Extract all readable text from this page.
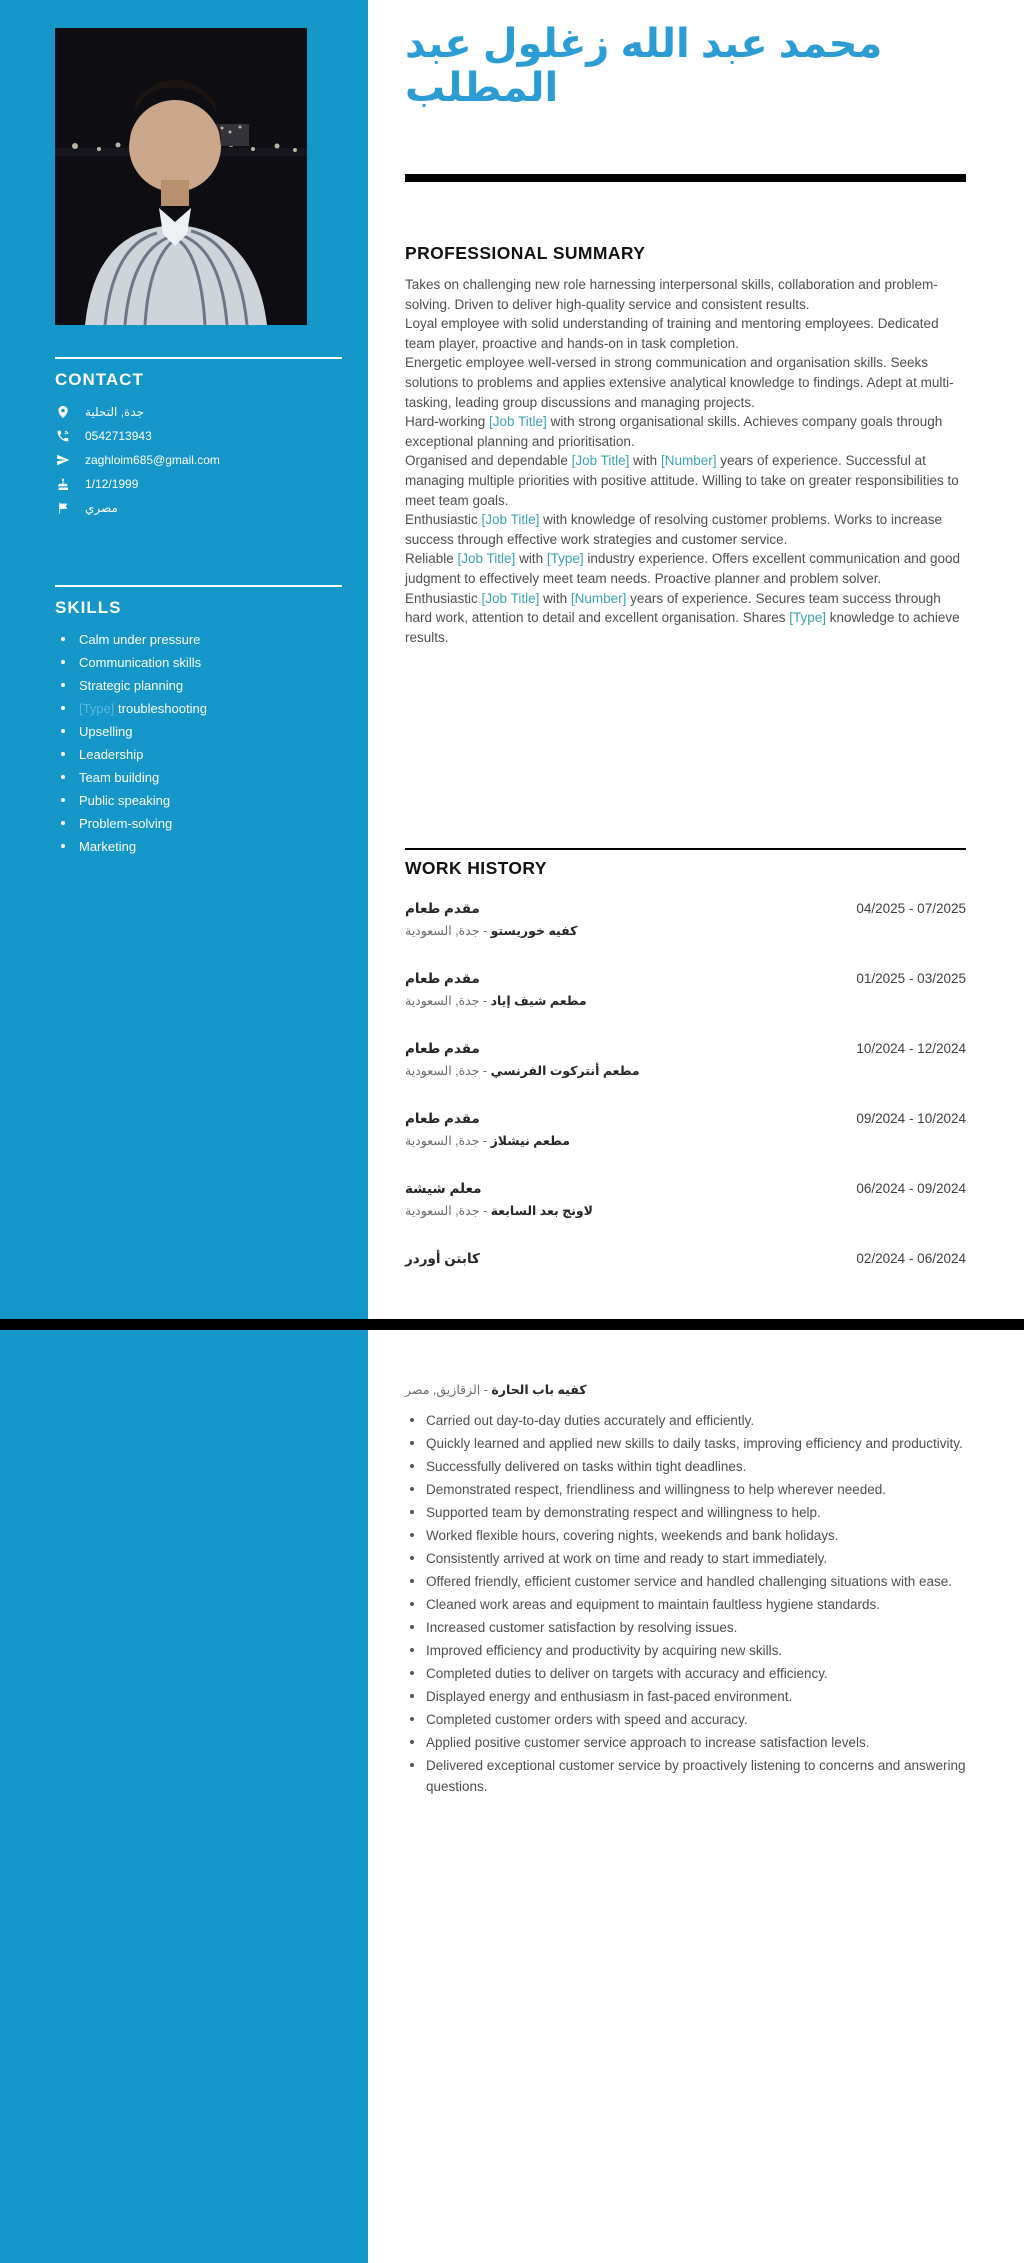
CONTACT
جدة, التحلية
0542713943
zaghloim685@gmail.com
1/12/1999
مصري
SKILLS
Calm under pressure
Communication skills
Strategic planning
[Type] troubleshooting
Upselling
Leadership
Team building
Public speaking
Problem-solving
Marketing
محمد عبد الله زغلول عبد المطلب
PROFESSIONAL SUMMARY

Takes on challenging new role harnessing interpersonal skills, collaboration and problem-solving. Driven to deliver high-quality service and consistent results.

Loyal employee with solid understanding of training and mentoring employees. Dedicated team player, proactive and hands-on in task completion.

Energetic employee well-versed in strong communication and organisation skills. Seeks solutions to problems and applies extensive analytical knowledge to findings. Adept at multi-tasking, leading group discussions and managing projects.

Hard-working [Job Title] with strong organisational skills. Achieves company goals through exceptional planning and prioritisation.

Organised and dependable [Job Title] with [Number] years of experience. Successful at managing multiple priorities with positive attitude. Willing to take on greater responsibilities to meet team goals.

Enthusiastic [Job Title] with knowledge of resolving customer problems. Works to increase success through effective work strategies and customer service.

Reliable [Job Title] with [Type] industry experience. Offers excellent communication and good judgment to effectively meet team needs. Proactive planner and problem solver.

Enthusiastic [Job Title] with [Number] years of experience. Secures team success through hard work, attention to detail and excellent organisation. Shares [Type] knowledge to achieve results.

WORK HISTORY
مقدم طعام	04/2025 - 07/2025
كفيه خوريستو - جدة, السعودية
مقدم طعام	01/2025 - 03/2025
مطعم شيف إياد - جدة, السعودية
مقدم طعام	10/2024 - 12/2024
مطعم أنتركوت الفرنسي - جدة, السعودية
مقدم طعام	09/2024 - 10/2024
مطعم نيشلاز - جدة, السعودية
معلم شيشة	06/2024 - 09/2024
لاونج بعد السابعة - جدة, السعودية
كابتن أوردر	02/2024 - 06/2024
كفيه باب الحارة - الزقازيق, مصر
Carried out day-to-day duties accurately and efficiently.
Quickly learned and applied new skills to daily tasks, improving efficiency and productivity.
Successfully delivered on tasks within tight deadlines.
Demonstrated respect, friendliness and willingness to help wherever needed.
Supported team by demonstrating respect and willingness to help.
Worked flexible hours, covering nights, weekends and bank holidays.
Consistently arrived at work on time and ready to start immediately.
Offered friendly, efficient customer service and handled challenging situations with ease.
Cleaned work areas and equipment to maintain faultless hygiene standards.
Increased customer satisfaction by resolving issues.
Improved efficiency and productivity by acquiring new skills.
Completed duties to deliver on targets with accuracy and efficiency.
Displayed energy and enthusiasm in fast-paced environment.
Completed customer orders with speed and accuracy.
Applied positive customer service approach to increase satisfaction levels.
Delivered exceptional customer service by proactively listening to concerns and answering questions.
